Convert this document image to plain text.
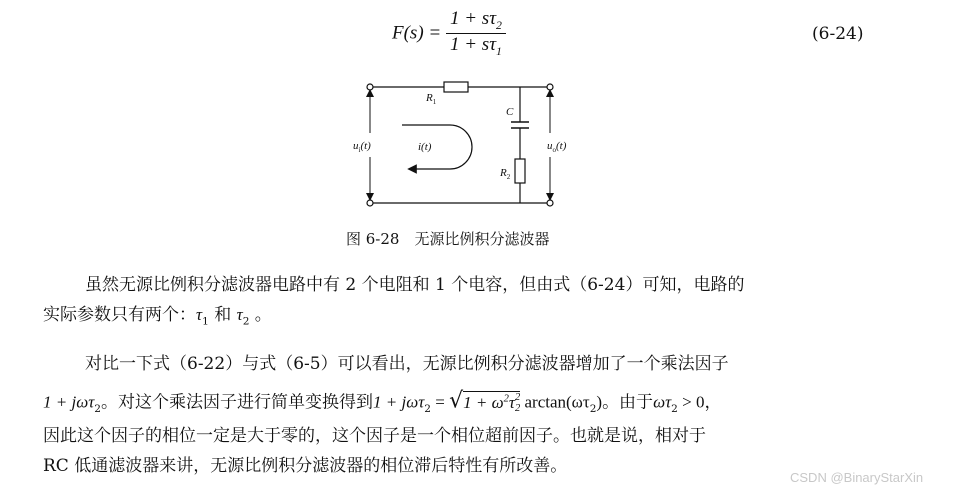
$F(s) = \frac{1 + s\tau_2}{1 + s\tau_1}$	(6-24)
$R_1$
C
$R_2$
$u_i(t)$	$u_o(t)$
i(t)
图 6-28　无源比例积分滤波器
虽然无源比例积分滤波器电路中有 2 个电阻和 1 个电容，但由式（6-24）可知，电路的
实际参数只有两个：$\tau_1$ 和 $\tau_2$ 。
对比一下式（6-22）与式（6-5）可以看出，无源比例积分滤波器增加了一个乘法因子
1 + jωτ$_2$。对这个乘法因子进行简单变换得到$1 + j\omega\tau_2 = √1 + \omega^2\tau$ 2
2 $\arctan(\omega\tau_2)$。由于$\omega\tau_2 > 0$，
因此这个因子的相位一定是大于零的，这个因子是一个相位超前因子。也就是说，相对于
RC 低通滤波器来讲，无源比例积分滤波器的相位滞后特性有所改善。
CSDN @BinaryStarXin
